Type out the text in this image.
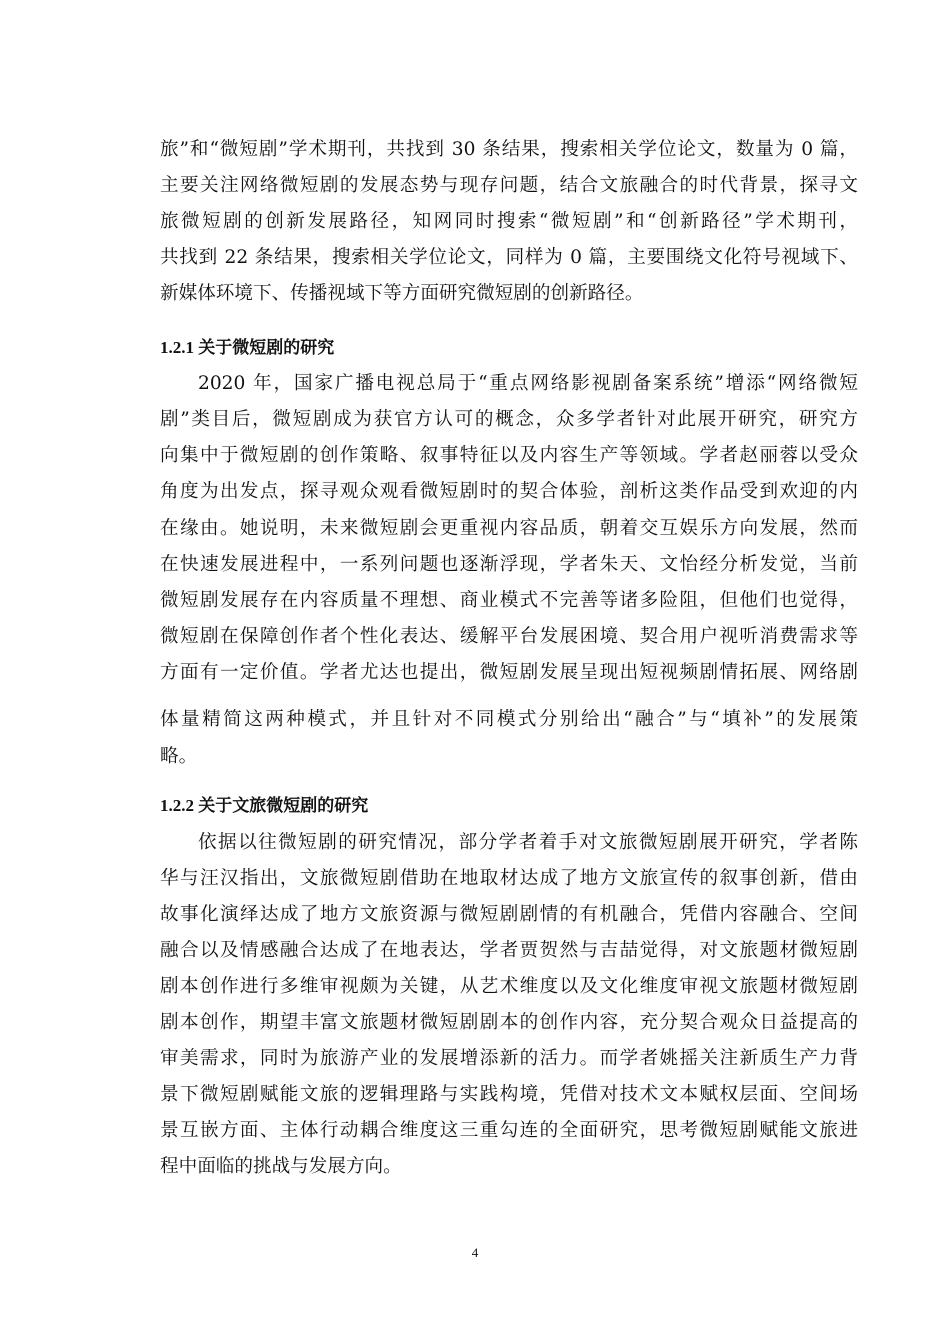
旅”和“微短剧”学术期刊，共找到 30 条结果，搜索相关学位论文，数量为 0 篇，
主要关注网络微短剧的发展态势与现存问题，结合文旅融合的时代背景，探寻文
旅微短剧的创新发展路径，知网同时搜索“微短剧”和“创新路径”学术期刊，
共找到 22 条结果，搜索相关学位论文，同样为 0 篇，主要围绕文化符号视域下、
新媒体环境下、传播视域下等方面研究微短剧的创新路径。
1.2.1 关于微短剧的研究
2020 年，国家广播电视总局于“重点网络影视剧备案系统”增添“网络微短
剧”类目后，微短剧成为获官方认可的概念，众多学者针对此展开研究，研究方
向集中于微短剧的创作策略、叙事特征以及内容生产等领域。学者赵丽蓉以受众
角度为出发点，探寻观众观看微短剧时的契合体验，剖析这类作品受到欢迎的内
在缘由。她说明，未来微短剧会更重视内容品质，朝着交互娱乐方向发展，然而
在快速发展进程中，一系列问题也逐渐浮现，学者朱天、文怡经分析发觉，当前
微短剧发展存在内容质量不理想、商业模式不完善等诸多险阻，但他们也觉得，
微短剧在保障创作者个性化表达、缓解平台发展困境、契合用户视听消费需求等
方面有一定价值。学者尤达也提出，微短剧发展呈现出短视频剧情拓展、网络剧
体量精简这两种模式，并且针对不同模式分别给出“融合”与“填补”的发展策
略。
1.2.2 关于文旅微短剧的研究
依据以往微短剧的研究情况，部分学者着手对文旅微短剧展开研究，学者陈
华与汪汉指出，文旅微短剧借助在地取材达成了地方文旅宣传的叙事创新，借由
故事化演绎达成了地方文旅资源与微短剧剧情的有机融合，凭借内容融合、空间
融合以及情感融合达成了在地表达，学者贾贺然与吉喆觉得，对文旅题材微短剧
剧本创作进行多维审视颇为关键，从艺术维度以及文化维度审视文旅题材微短剧
剧本创作，期望丰富文旅题材微短剧剧本的创作内容，充分契合观众日益提高的
审美需求，同时为旅游产业的发展增添新的活力。而学者姚摇关注新质生产力背
景下微短剧赋能文旅的逻辑理路与实践构境，凭借对技术文本赋权层面、空间场
景互嵌方面、主体行动耦合维度这三重勾连的全面研究，思考微短剧赋能文旅进
程中面临的挑战与发展方向。
4
